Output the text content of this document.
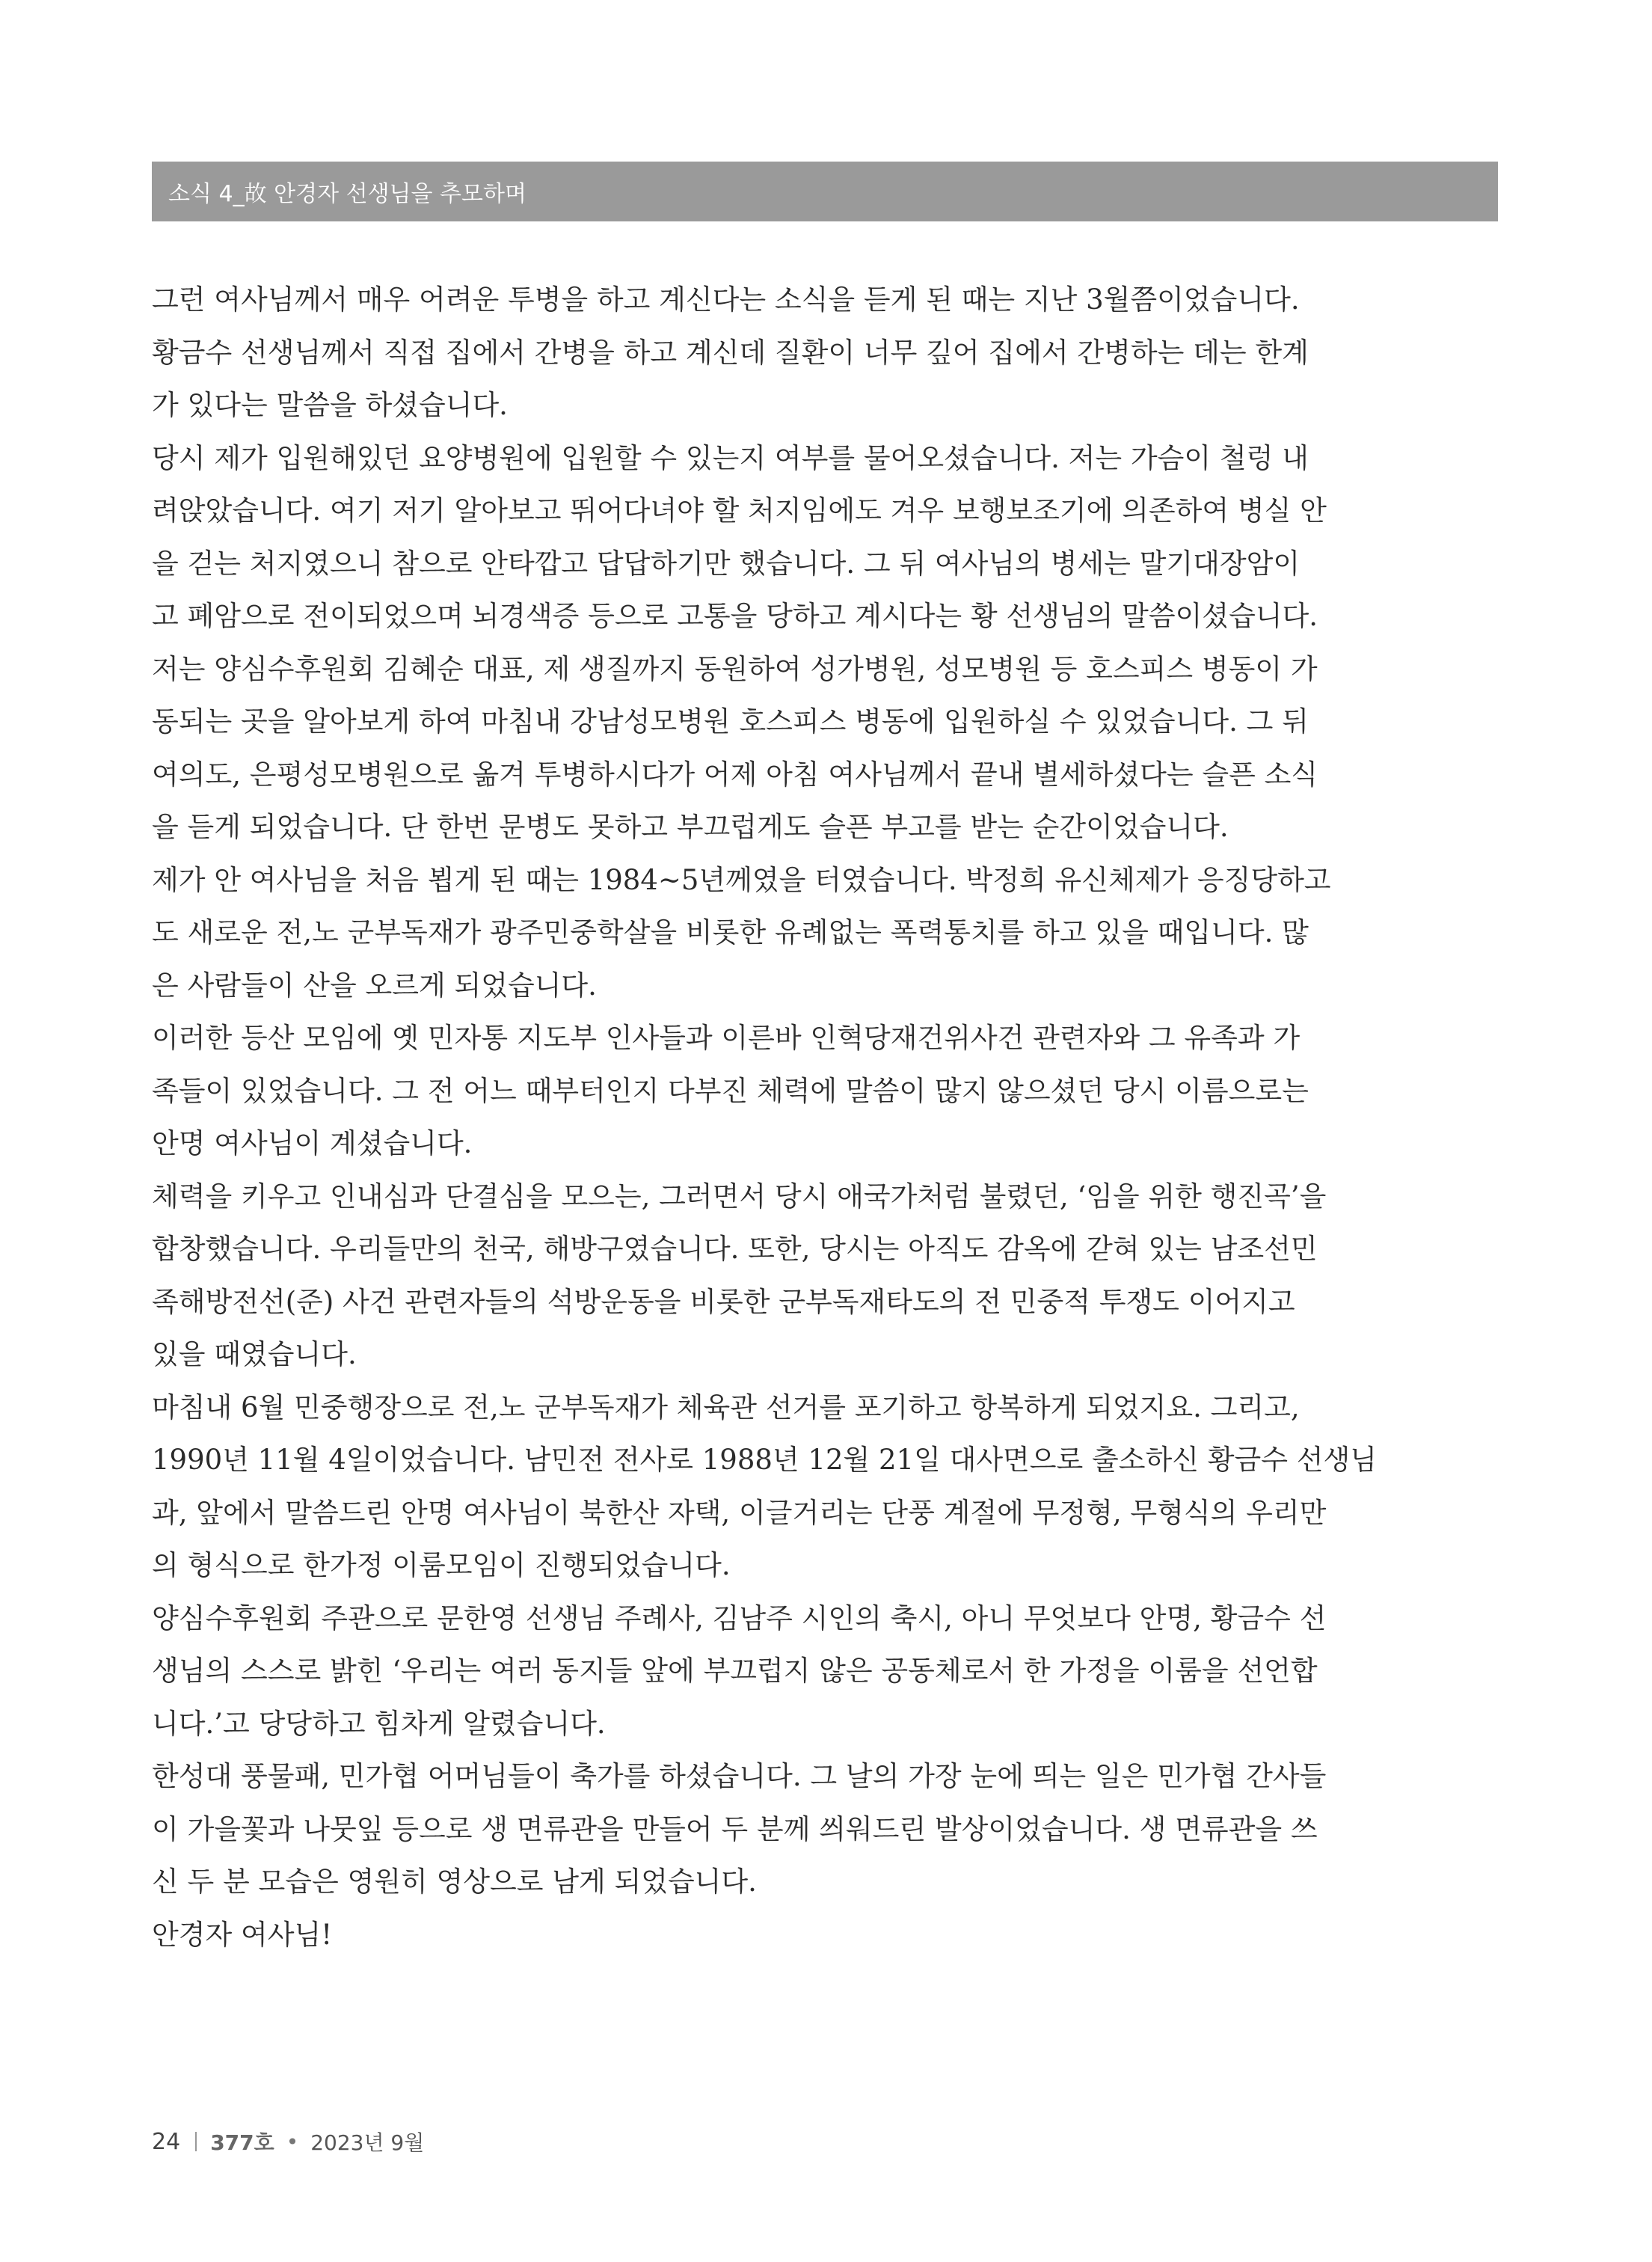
소식 4_故 안경자 선생님을 추모하며
그런 여사님께서 매우 어려운 투병을 하고 계신다는 소식을 듣게 된 때는 지난 3월쯤이었습니다.
황금수 선생님께서 직접 집에서 간병을 하고 계신데 질환이 너무 깊어 집에서 간병하는 데는 한계
가 있다는 말씀을 하셨습니다.
당시 제가 입원해있던 요양병원에 입원할 수 있는지 여부를 물어오셨습니다. 저는 가슴이 철렁 내
려앉았습니다. 여기 저기 알아보고 뛰어다녀야 할 처지임에도 겨우 보행보조기에 의존하여 병실 안
을 걷는 처지였으니 참으로 안타깝고 답답하기만 했습니다. 그 뒤 여사님의 병세는 말기대장암이
고 폐암으로 전이되었으며 뇌경색증 등으로 고통을 당하고 계시다는 황 선생님의 말씀이셨습니다.
저는 양심수후원회 김혜순 대표, 제 생질까지 동원하여 성가병원, 성모병원 등 호스피스 병동이 가
동되는 곳을 알아보게 하여 마침내 강남성모병원 호스피스 병동에 입원하실 수 있었습니다. 그 뒤
여의도, 은평성모병원으로 옮겨 투병하시다가 어제 아침 여사님께서 끝내 별세하셨다는 슬픈 소식
을 듣게 되었습니다. 단 한번 문병도 못하고 부끄럽게도 슬픈 부고를 받는 순간이었습니다.
제가 안 여사님을 처음 뵙게 된 때는 1984~5년께였을 터였습니다. 박정희 유신체제가 응징당하고
도 새로운 전,노 군부독재가 광주민중학살을 비롯한 유례없는 폭력통치를 하고 있을 때입니다. 많
은 사람들이 산을 오르게 되었습니다.
이러한 등산 모임에 옛 민자통 지도부 인사들과 이른바 인혁당재건위사건 관련자와 그 유족과 가
족들이 있었습니다. 그 전 어느 때부터인지 다부진 체력에 말씀이 많지 않으셨던 당시 이름으로는
안명 여사님이 계셨습니다.
체력을 키우고 인내심과 단결심을 모으는, 그러면서 당시 애국가처럼 불렸던, ‘임을 위한 행진곡’을
합창했습니다. 우리들만의 천국, 해방구였습니다. 또한, 당시는 아직도 감옥에 갇혀 있는 남조선민
족해방전선(준) 사건 관련자들의 석방운동을 비롯한 군부독재타도의 전 민중적 투쟁도 이어지고
있을 때였습니다.
마침내 6월 민중행장으로 전,노 군부독재가 체육관 선거를 포기하고 항복하게 되었지요. 그리고,
1990년 11월 4일이었습니다. 남민전 전사로 1988년 12월 21일 대사면으로 출소하신 황금수 선생님
과, 앞에서 말씀드린 안명 여사님이 북한산 자택, 이글거리는 단풍 계절에 무정형, 무형식의 우리만
의 형식으로 한가정 이룸모임이 진행되었습니다.
양심수후원회 주관으로 문한영 선생님 주례사, 김남주 시인의 축시, 아니 무엇보다 안명, 황금수 선
생님의 스스로 밝힌 ‘우리는 여러 동지들 앞에 부끄럽지 않은 공동체로서 한 가정을 이룸을 선언합
니다.’고 당당하고 힘차게 알렸습니다.
한성대 풍물패, 민가협 어머님들이 축가를 하셨습니다. 그 날의 가장 눈에 띄는 일은 민가협 간사들
이 가을꽃과 나뭇잎 등으로 생 면류관을 만들어 두 분께 씌워드린 발상이었습니다. 생 면류관을 쓰
신 두 분 모습은 영원히 영상으로 남게 되었습니다.
안경자 여사님!
24 377호 • 2023년 9월
